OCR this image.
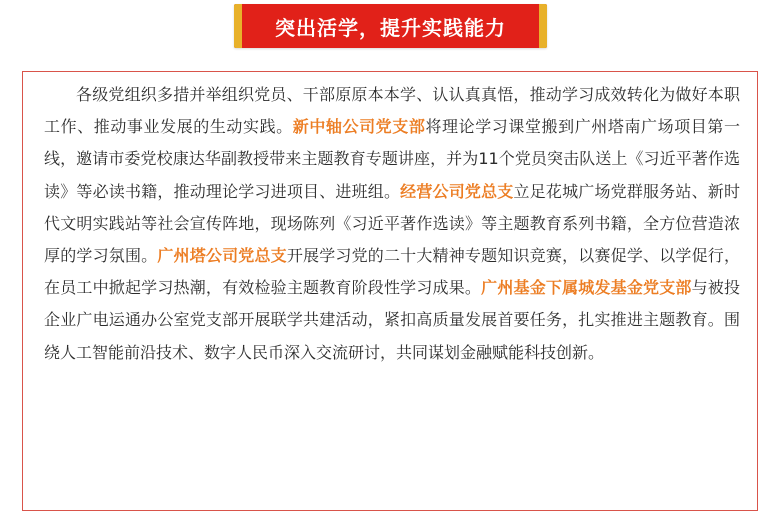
突出活学，提升实践能力

各级党组织多措并举组织党员、干部原原本本学、认认真真悟，推动学习成效转化为做好本职工作、推动事业发展的生动实践。新中轴公司党支部将理论学习课堂搬到广州塔南广场项目第一线，邀请市委党校康达华副教授带来主题教育专题讲座，并为11个党员突击队送上《习近平著作选读》等必读书籍，推动理论学习进项目、进班组。经营公司党总支立足花城广场党群服务站、新时代文明实践站等社会宣传阵地，现场陈列《习近平著作选读》等主题教育系列书籍，全方位营造浓厚的学习氛围。广州塔公司党总支开展学习党的二十大精神专题知识竞赛，以赛促学、以学促行，在员工中掀起学习热潮，有效检验主题教育阶段性学习成果。广州基金下属城发基金党支部与被投企业广电运通办公室党支部开展联学共建活动，紧扣高质量发展首要任务，扎实推进主题教育。围绕人工智能前沿技术、数字人民币深入交流研讨，共同谋划金融赋能科技创新。
